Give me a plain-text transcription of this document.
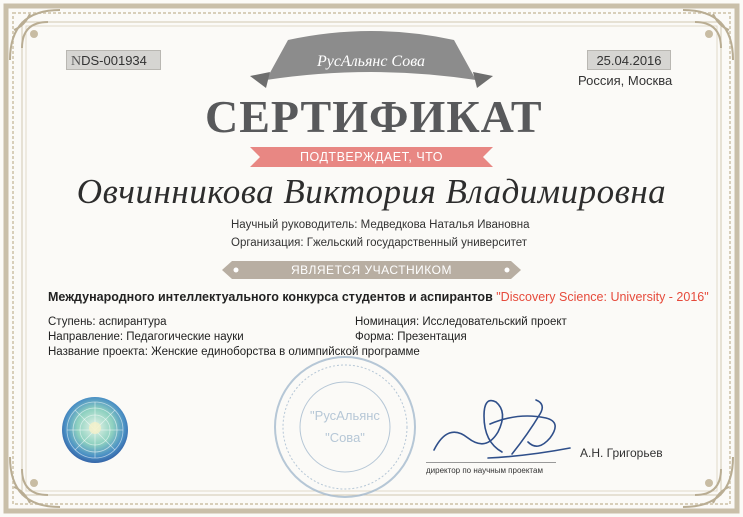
NDS-001934	25.04.2016
Россия, Москва
РусАльянс Сова
СЕРТИФИКАТ
ПОДТВЕРЖДАЕТ, ЧТО
Овчинникова Виктория Владимировна
Научный руководитель: Медведкова Наталья Ивановна
Организация: Гжельский государственный университет
ЯВЛЯЕТСЯ УЧАСТНИКОМ
Международного интеллектуального конкурса студентов и аспирантов "Discovery Science: University - 2016"
Ступень: аспирантура
Направление: Педагогические науки
Название проекта: Женские единоборства в олимпийской программе
Номинация: Исследовательский проект
Форма: Презентация
"РусАльянс
"Сова"
директор по научным проектам
А.Н. Григорьев
